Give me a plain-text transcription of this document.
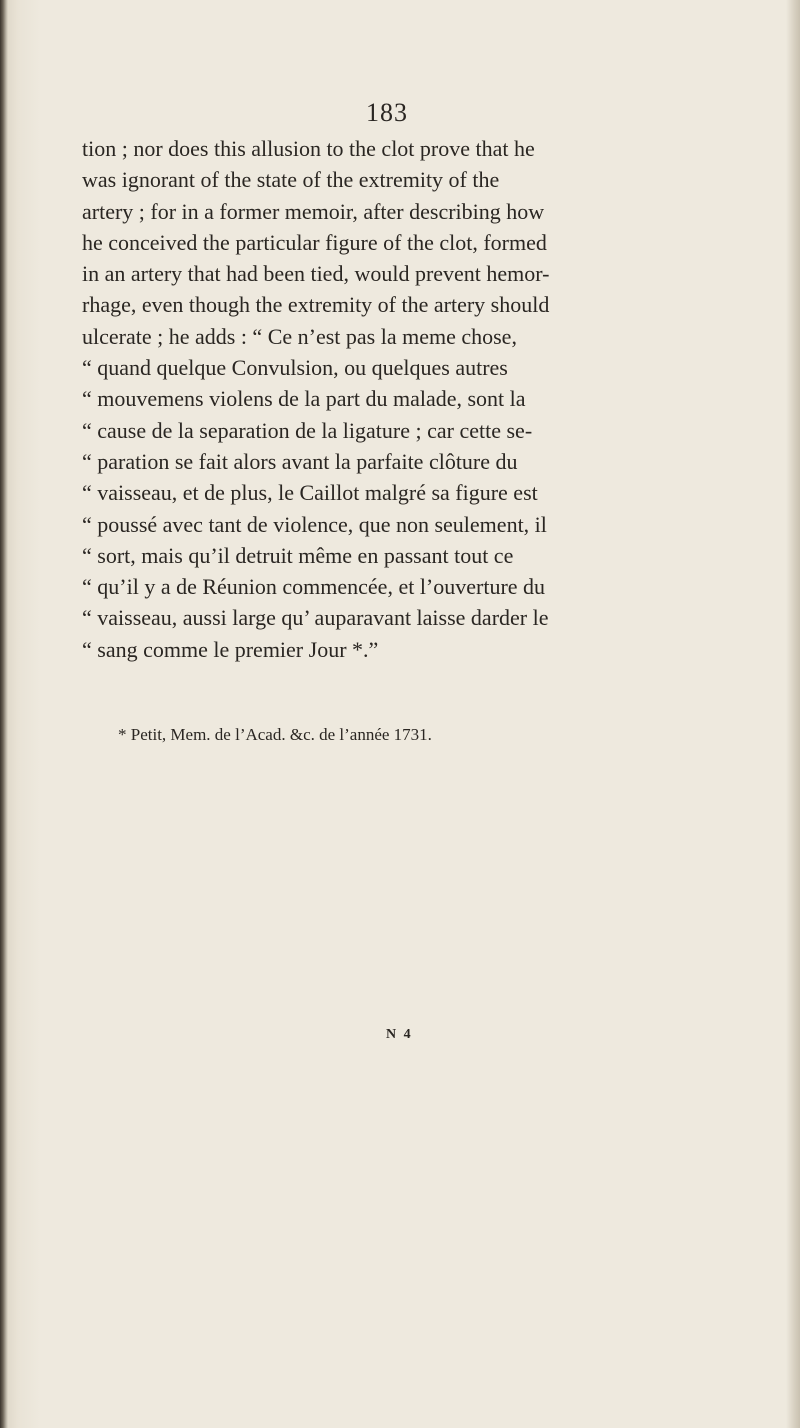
183
tion ; nor does this allusion to the clot prove that he
was ignorant of the state of the extremity of the
artery ; for in a former memoir, after describing how
he conceived the particular figure of the clot, formed
in an artery that had been tied, would prevent hemor-
rhage, even though the extremity of the artery should
ulcerate ; he adds : “ Ce n’est pas la meme chose,
“ quand quelque Convulsion, ou quelques autres
“ mouvemens violens de la part du malade, sont la
“ cause de la separation de la ligature ; car cette se-
“ paration se fait alors avant la parfaite clôture du
“ vaisseau, et de plus, le Caillot malgré sa figure est
“ poussé avec tant de violence, que non seulement, il
“ sort, mais qu’il detruit même en passant tout ce
“ qu’il y a de Réunion commencée, et l’ouverture du
“ vaisseau, aussi large qu’ auparavant laisse darder le
“ sang comme le premier Jour *.”
* Petit, Mem. de l’Acad. &c. de l’année 1731.
N 4
